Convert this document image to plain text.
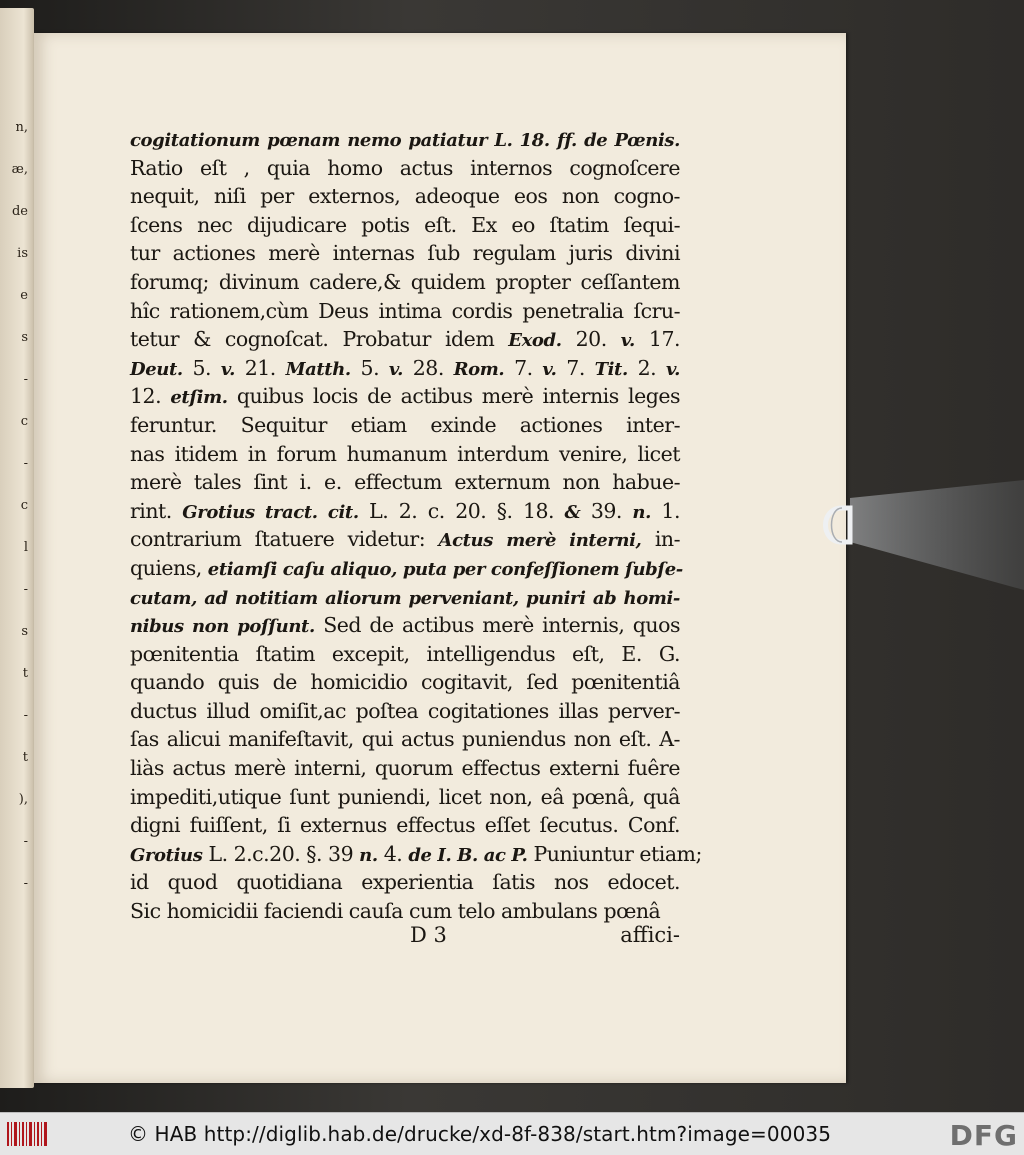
n,
æ,
de
is
e
s
-
c
-
c
l
-
s
t
-
t
),
-
-
cogitationum pœnam nemo patiatur L. 18. ff. de Pœnis.
Ratio eſt , quia homo actus internos cognoſcere
nequit, niſi per externos, adeoque eos non cogno-
ſcens nec dijudicare potis eſt. Ex eo ſtatim ſequi-
tur actiones merè internas ſub regulam juris divini
forumq; divinum cadere,& quidem propter ceſſantem
hîc rationem,cùm Deus intima cordis penetralia ſcru-
tetur & cognoſcat. Probatur idem Exod. 20. v. 17.
Deut. 5. v. 21. Matth. 5. v. 28. Rom. 7. v. 7. Tit. 2. v.
12. etſim. quibus locis de actibus merè internis leges
feruntur. Sequitur etiam exinde actiones inter-
nas itidem in forum humanum interdum venire, licet
merè tales ſint i. e. effectum externum non habue-
rint. Grotius tract. cit. L. 2. c. 20. §. 18. & 39. n. 1.
contrarium ſtatuere videtur: Actus merè interni, in-
quiens, etiamſi caſu aliquo, puta per confeſſionem ſubſe-
cutam, ad notitiam aliorum perveniant, puniri ab homi-
nibus non poſſunt. Sed de actibus merè internis, quos
pœnitentia ſtatim excepit, intelligendus eſt, E. G.
quando quis de homicidio cogitavit, ſed pœnitentiâ
ductus illud omiſit,ac poſtea cogitationes illas perver-
ſas alicui manifeſtavit, qui actus puniendus non eſt. A-
liàs actus merè interni, quorum effectus externi fuêre
impediti,utique ſunt puniendi, licet non, eâ pœnâ, quâ
digni fuiſſent, ſi externus effectus eſſet ſecutus. Conf.
Grotius L. 2.c.20. §. 39 n. 4. de I. B. ac P. Puniuntur etiam;
id quod quotidiana experientia ſatis nos edocet.
Sic homicidii faciendi cauſa cum telo ambulans pœnâ
D 3	affici-
© HAB http://diglib.hab.de/drucke/xd-8f-838/start.htm?image=00035	DFG
